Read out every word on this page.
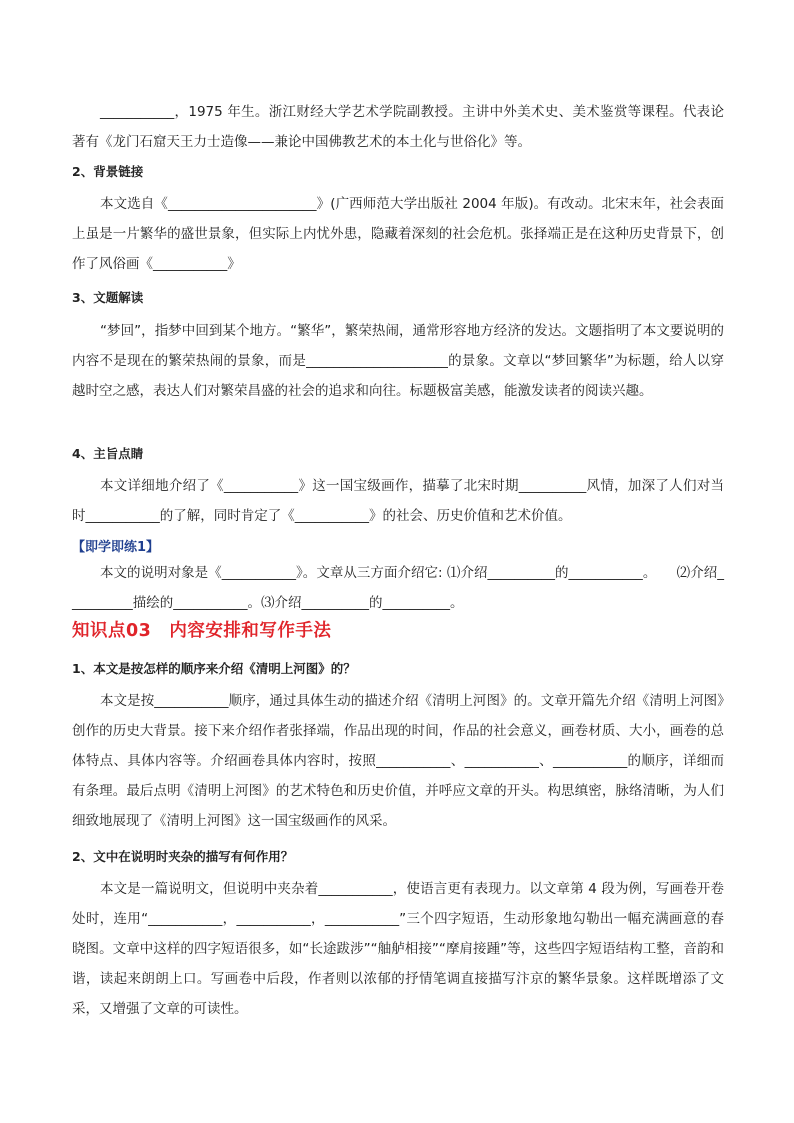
___________，1975 年生。浙江财经大学艺术学院副教授。主讲中外美术史、美术鉴赏等课程。代表论著有《龙门石窟天王力士造像——兼论中国佛教艺术的本土化与世俗化》等。

2、背景链接

本文选自《______________________》(广西师范大学出版社 2004 年版)。有改动。北宋末年，社会表面上虽是一片繁华的盛世景象，但实际上内忧外患，隐藏着深刻的社会危机。张择端正是在这种历史背景下，创作了风俗画《___________》

3、文题解读

“梦回”，指梦中回到某个地方。“繁华”，繁荣热闹，通常形容地方经济的发达。文题指明了本文要说明的内容不是现在的繁荣热闹的景象，而是_____________________的景象。文章以“梦回繁华”为标题，给人以穿越时空之感，表达人们对繁荣昌盛的社会的追求和向往。标题极富美感，能激发读者的阅读兴趣。

4、主旨点睛

本文详细地介绍了《___________》这一国宝级画作，描摹了北宋时期__________风情，加深了人们对当时___________的了解，同时肯定了《___________》的社会、历史价值和艺术价值。

【即学即练1】

本文的说明对象是《___________》。文章从三方面介绍它: ⑴介绍__________的___________。　　⑵介绍__________描绘的___________。⑶介绍__________的__________。

知识点03　内容安排和写作手法

1、本文是按怎样的顺序来介绍《清明上河图》的？

本文是按___________顺序，通过具体生动的描述介绍《清明上河图》的。文章开篇先介绍《清明上河图》创作的历史大背景。接下来介绍作者张择端，作品出现的时间，作品的社会意义，画卷材质、大小，画卷的总体特点、具体内容等。介绍画卷具体内容时，按照___________、___________、___________的顺序，详细而有条理。最后点明《清明上河图》的艺术特色和历史价值，并呼应文章的开头。构思缜密，脉络清晰，为人们细致地展现了《清明上河图》这一国宝级画作的风采。

2、文中在说明时夹杂的描写有何作用？

本文是一篇说明文，但说明中夹杂着___________，使语言更有表现力。以文章第 4 段为例，写画卷开卷处时，连用“___________，___________，___________”三个四字短语，生动形象地勾勒出一幅充满画意的春晓图。文章中这样的四字短语很多，如“长途跋涉”“舳舻相接”“摩肩接踵”等，这些四字短语结构工整，音韵和谐，读起来朗朗上口。写画卷中后段，作者则以浓郁的抒情笔调直接描写汴京的繁华景象。这样既增添了文采，又增强了文章的可读性。
